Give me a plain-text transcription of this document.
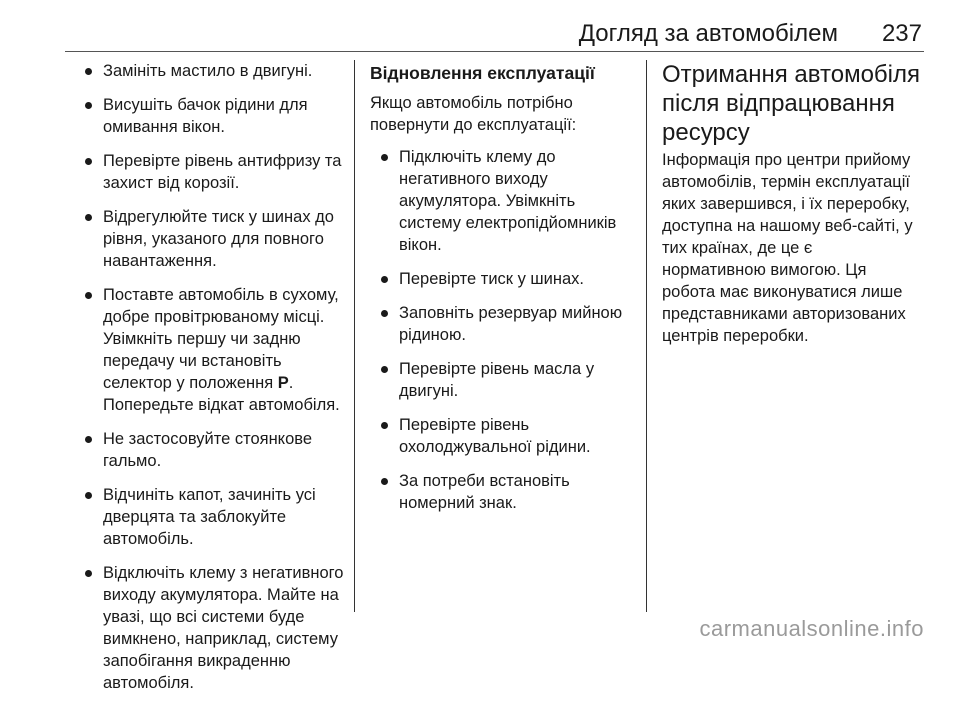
Догляд за автомобілем 237
Замініть мастило в двигуні.
Висушіть бачок рідини для омивання вікон.
Перевірте рівень антифризу та захист від корозії.
Відрегулюйте тиск у шинах до рівня, указаного для повного навантаження.
Поставте автомобіль в сухому, добре провітрюваному місці. Увімкніть першу чи задню передачу чи встановіть селектор у положення P. Попередьте відкат автомобіля.
Не застосовуйте стоянкове гальмо.
Відчиніть капот, зачиніть усі дверцята та заблокуйте автомобіль.
Відключіть клему з негативного виходу акумулятора. Майте на увазі, що всі системи буде вимкнено, наприклад, систему запобігання викраденню автомобіля.
Відновлення експлуатації
Якщо автомобіль потрібно повернути до експлуатації:
Підключіть клему до негативного виходу акумулятора. Увімкніть систему електропідйомників вікон.
Перевірте тиск у шинах.
Заповніть резервуар мийною рідиною.
Перевірте рівень масла у двигуні.
Перевірте рівень охолоджувальної рідини.
За потреби встановіть номерний знак.
Отримання автомобіля після відпрацювання ресурсу
Інформація про центри прийому автомобілів, термін експлуатації яких завершився, і їх переробку, доступна на нашому веб-сайті, у тих країнах, де це є нормативною вимогою. Ця робота має виконуватися лише представниками авторизованих центрів переробки.
carmanualsonline.info
